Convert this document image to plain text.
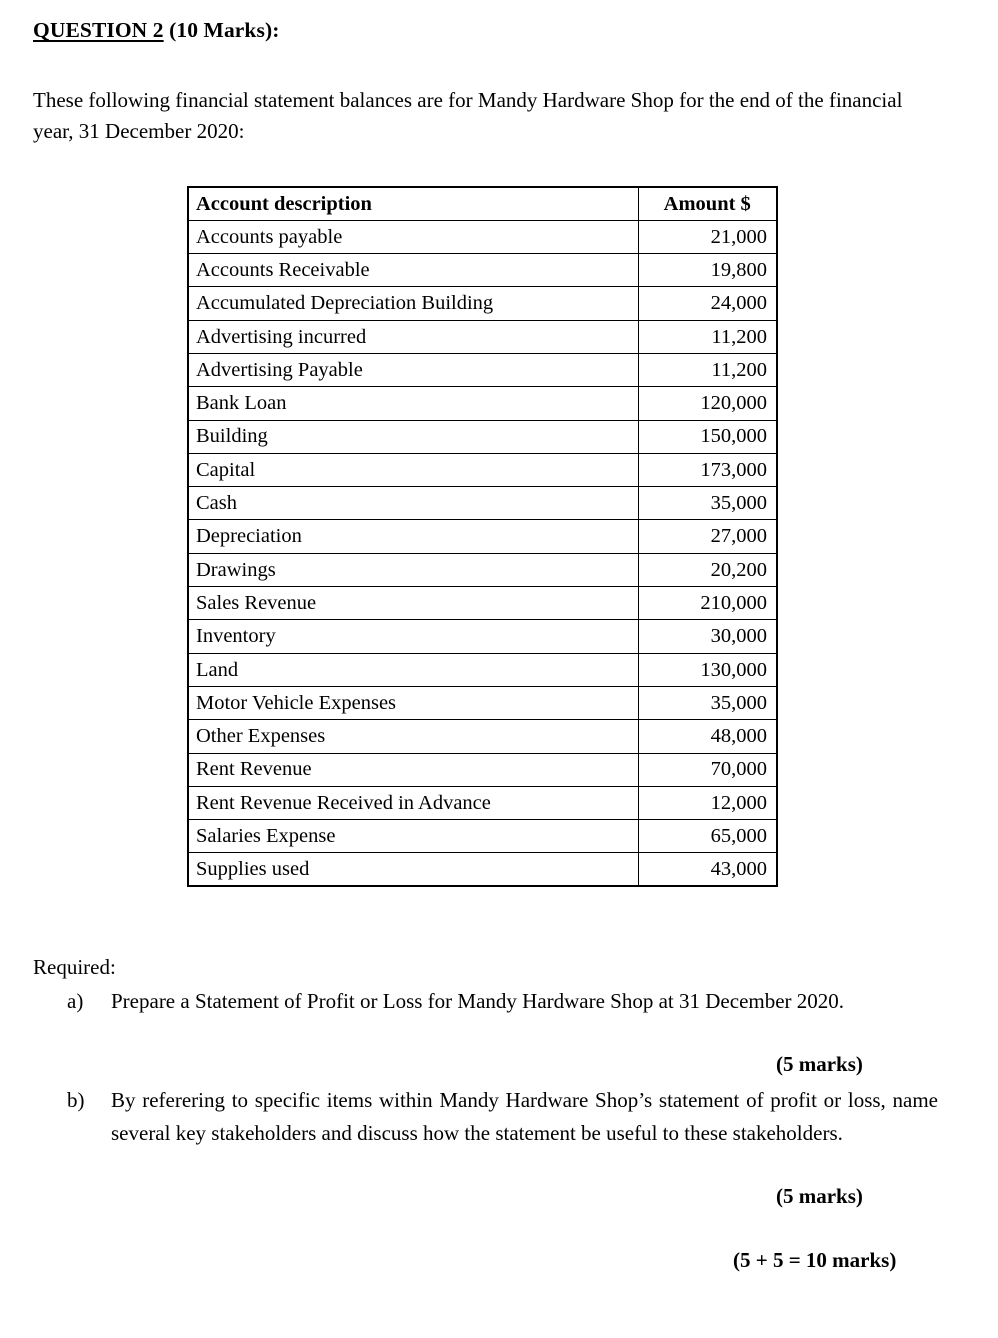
QUESTION 2 (10 Marks):
These following financial statement balances are for Mandy Hardware Shop for the end of the financial year, 31 December 2020:
Account description	Amount $
Accounts payable	21,000
Accounts Receivable	19,800
Accumulated Depreciation Building	24,000
Advertising incurred	11,200
Advertising Payable	11,200
Bank Loan	120,000
Building	150,000
Capital	173,000
Cash	35,000
Depreciation	27,000
Drawings	20,200
Sales Revenue	210,000
Inventory	30,000
Land	130,000
Motor Vehicle Expenses	35,000
Other Expenses	48,000
Rent Revenue	70,000
Rent Revenue Received in Advance	12,000
Salaries Expense	65,000
Supplies used	43,000
Required:
a)	Prepare a Statement of Profit or Loss for Mandy Hardware Shop at 31 December 2020.
(5 marks)
b)	By referering to specific items within Mandy Hardware Shop’s statement of profit or loss, name several key stakeholders and discuss how the statement be useful to these stakeholders.
(5 marks)
(5 + 5 = 10 marks)
